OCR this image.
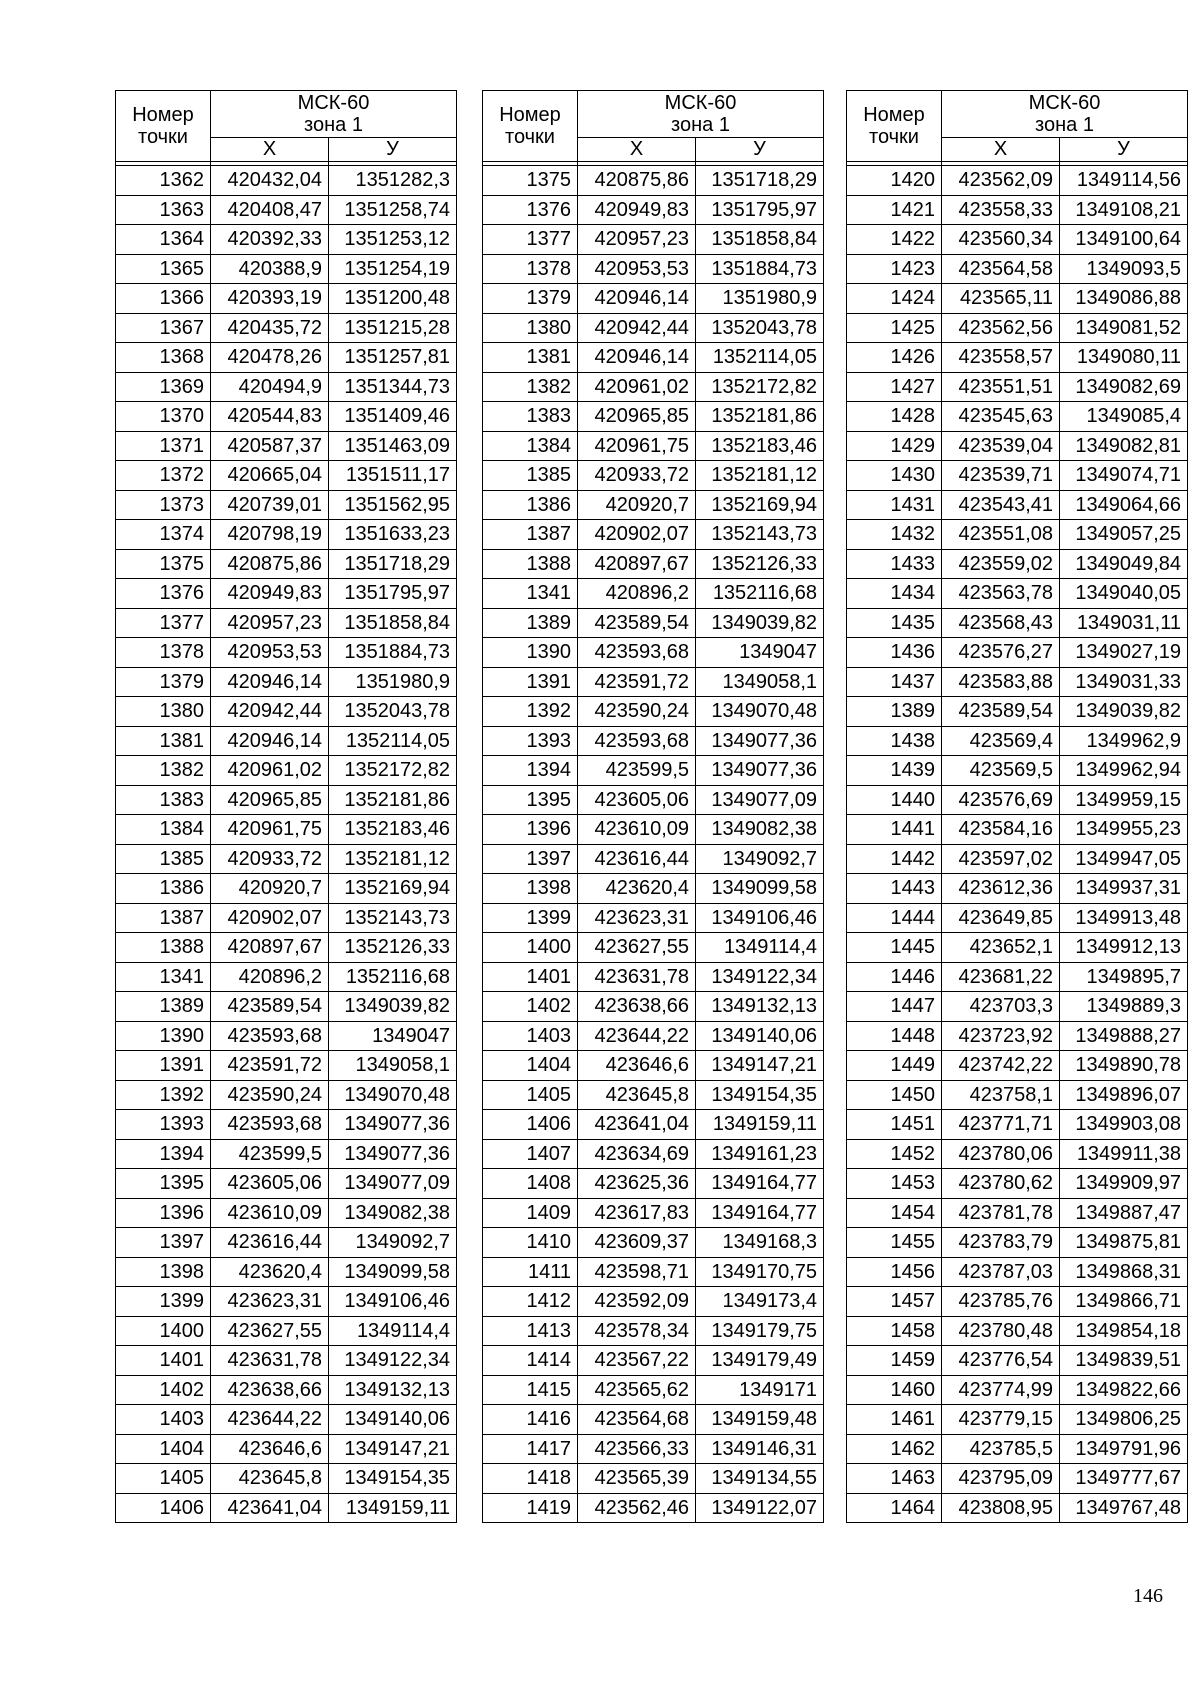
Номер точки	МСК-60
зона 1	

	Х	У

1362	420432,04	1351282,3
1363	420408,47	1351258,74
1364	420392,33	1351253,12
1365	420388,9	1351254,19
1366	420393,19	1351200,48
1367	420435,72	1351215,28
1368	420478,26	1351257,81
1369	420494,9	1351344,73
1370	420544,83	1351409,46
1371	420587,37	1351463,09
1372	420665,04	1351511,17
1373	420739,01	1351562,95
1374	420798,19	1351633,23
1375	420875,86	1351718,29
1376	420949,83	1351795,97
1377	420957,23	1351858,84
1378	420953,53	1351884,73
1379	420946,14	1351980,9
1380	420942,44	1352043,78
1381	420946,14	1352114,05
1382	420961,02	1352172,82
1383	420965,85	1352181,86
1384	420961,75	1352183,46
1385	420933,72	1352181,12
1386	420920,7	1352169,94
1387	420902,07	1352143,73
1388	420897,67	1352126,33
1341	420896,2	1352116,68
1389	423589,54	1349039,82
1390	423593,68	1349047
1391	423591,72	1349058,1
1392	423590,24	1349070,48
1393	423593,68	1349077,36
1394	423599,5	1349077,36
1395	423605,06	1349077,09
1396	423610,09	1349082,38
1397	423616,44	1349092,7
1398	423620,4	1349099,58
1399	423623,31	1349106,46
1400	423627,55	1349114,4
1401	423631,78	1349122,34
1402	423638,66	1349132,13
1403	423644,22	1349140,06
1404	423646,6	1349147,21
1405	423645,8	1349154,35
1406	423641,04	1349159,11
Номер точки	МСК-60
зона 1	

	Х	У

1375	420875,86	1351718,29
1376	420949,83	1351795,97
1377	420957,23	1351858,84
1378	420953,53	1351884,73
1379	420946,14	1351980,9
1380	420942,44	1352043,78
1381	420946,14	1352114,05
1382	420961,02	1352172,82
1383	420965,85	1352181,86
1384	420961,75	1352183,46
1385	420933,72	1352181,12
1386	420920,7	1352169,94
1387	420902,07	1352143,73
1388	420897,67	1352126,33
1341	420896,2	1352116,68
1389	423589,54	1349039,82
1390	423593,68	1349047
1391	423591,72	1349058,1
1392	423590,24	1349070,48
1393	423593,68	1349077,36
1394	423599,5	1349077,36
1395	423605,06	1349077,09
1396	423610,09	1349082,38
1397	423616,44	1349092,7
1398	423620,4	1349099,58
1399	423623,31	1349106,46
1400	423627,55	1349114,4
1401	423631,78	1349122,34
1402	423638,66	1349132,13
1403	423644,22	1349140,06
1404	423646,6	1349147,21
1405	423645,8	1349154,35
1406	423641,04	1349159,11
1407	423634,69	1349161,23
1408	423625,36	1349164,77
1409	423617,83	1349164,77
1410	423609,37	1349168,3
1411	423598,71	1349170,75
1412	423592,09	1349173,4
1413	423578,34	1349179,75
1414	423567,22	1349179,49
1415	423565,62	1349171
1416	423564,68	1349159,48
1417	423566,33	1349146,31
1418	423565,39	1349134,55
1419	423562,46	1349122,07
Номер точки	МСК-60
зона 1	

	Х	У

1420	423562,09	1349114,56
1421	423558,33	1349108,21
1422	423560,34	1349100,64
1423	423564,58	1349093,5
1424	423565,11	1349086,88
1425	423562,56	1349081,52
1426	423558,57	1349080,11
1427	423551,51	1349082,69
1428	423545,63	1349085,4
1429	423539,04	1349082,81
1430	423539,71	1349074,71
1431	423543,41	1349064,66
1432	423551,08	1349057,25
1433	423559,02	1349049,84
1434	423563,78	1349040,05
1435	423568,43	1349031,11
1436	423576,27	1349027,19
1437	423583,88	1349031,33
1389	423589,54	1349039,82
1438	423569,4	1349962,9
1439	423569,5	1349962,94
1440	423576,69	1349959,15
1441	423584,16	1349955,23
1442	423597,02	1349947,05
1443	423612,36	1349937,31
1444	423649,85	1349913,48
1445	423652,1	1349912,13
1446	423681,22	1349895,7
1447	423703,3	1349889,3
1448	423723,92	1349888,27
1449	423742,22	1349890,78
1450	423758,1	1349896,07
1451	423771,71	1349903,08
1452	423780,06	1349911,38
1453	423780,62	1349909,97
1454	423781,78	1349887,47
1455	423783,79	1349875,81
1456	423787,03	1349868,31
1457	423785,76	1349866,71
1458	423780,48	1349854,18
1459	423776,54	1349839,51
1460	423774,99	1349822,66
1461	423779,15	1349806,25
1462	423785,5	1349791,96
1463	423795,09	1349777,67
1464	423808,95	1349767,48
146
